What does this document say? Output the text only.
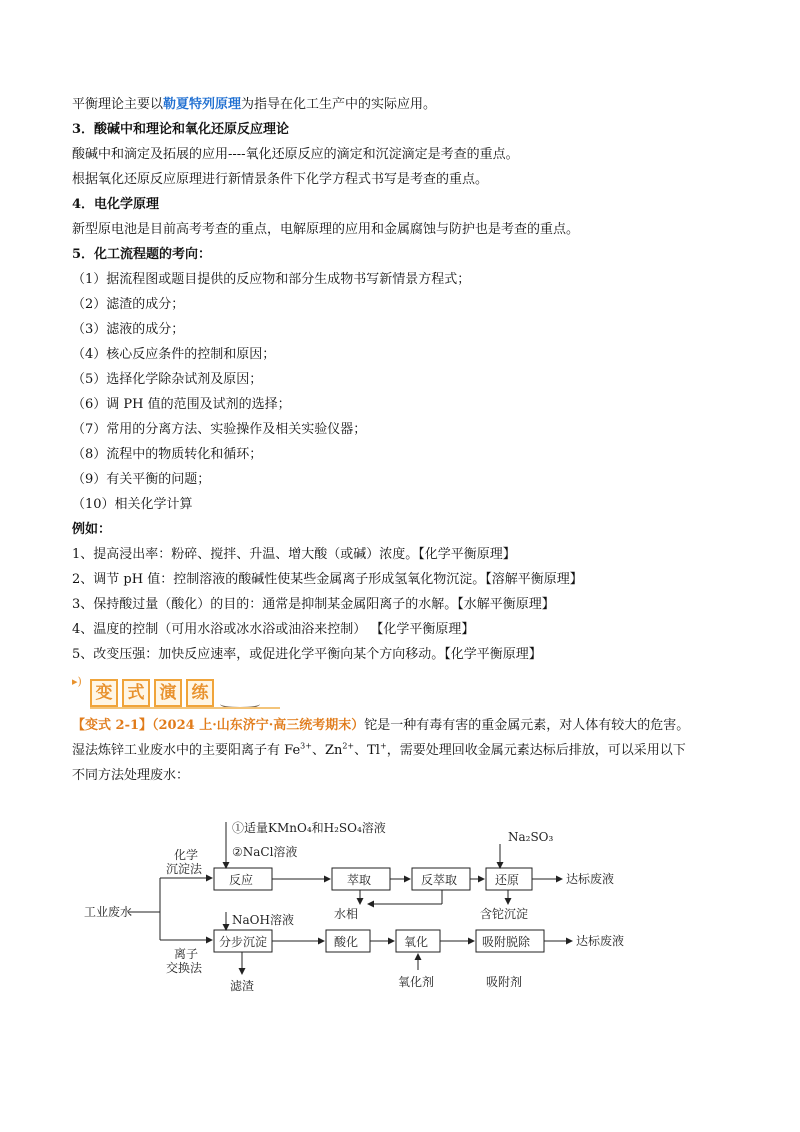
平衡理论主要以勒夏特列原理为指导在化工生产中的实际应用。

3．酸碱中和理论和氧化还原反应理论

酸碱中和滴定及拓展的应用----氧化还原反应的滴定和沉淀滴定是考查的重点。

根据氧化还原反应原理进行新情景条件下化学方程式书写是考查的重点。

4．电化学原理

新型原电池是目前高考考查的重点，电解原理的应用和金属腐蚀与防护也是考查的重点。

5．化工流程题的考向：

（1）据流程图或题目提供的反应物和部分生成物书写新情景方程式；

（2）滤渣的成分；

（3）滤液的成分；

（4）核心反应条件的控制和原因；

（5）选择化学除杂试剂及原因；

（6）调 PH 值的范围及试剂的选择；

（7）常用的分离方法、实验操作及相关实验仪器；

（8）流程中的物质转化和循环；

（9）有关平衡的问题；

（10）相关化学计算

例如：

1、提高浸出率：粉碎、搅拌、升温、增大酸（或碱）浓度。【化学平衡原理】

2、调节 pH 值：控制溶液的酸碱性使某些金属离子形成氢氧化物沉淀。【溶解平衡原理】

3、保持酸过量（酸化）的目的：通常是抑制某金属阳离子的水解。【水解平衡原理】

4、温度的控制（可用水浴或冰水浴或油浴来控制） 【化学平衡原理】

5、改变压强：加快反应速率，或促进化学平衡向某个方向移动。【化学平衡原理】

▸)
变 式 演 练

【变式 2-1】（2024 上·山东济宁·高三统考期末）铊是一种有毒有害的重金属元素，对人体有较大的危害。

湿法炼锌工业废水中的主要阳离子有 $Fe^{3+}$、$Zn^{2+}$、Tl+，需要处理回收金属元素达标后排放，可以采用以下

不同方法处理废水：

工业废水
化学
沉淀法
离子
交换法
①适量KMnO₄和H₂SO₄溶液
②NaCl溶液
反应	萃取	反萃取	还原
Na₂SO₃
达标废液
水相	含铊沉淀
NaOH溶液
分步沉淀	酸化	氧化	吸附脱除	达标废液
滤渣	氧化剂	吸附剂
